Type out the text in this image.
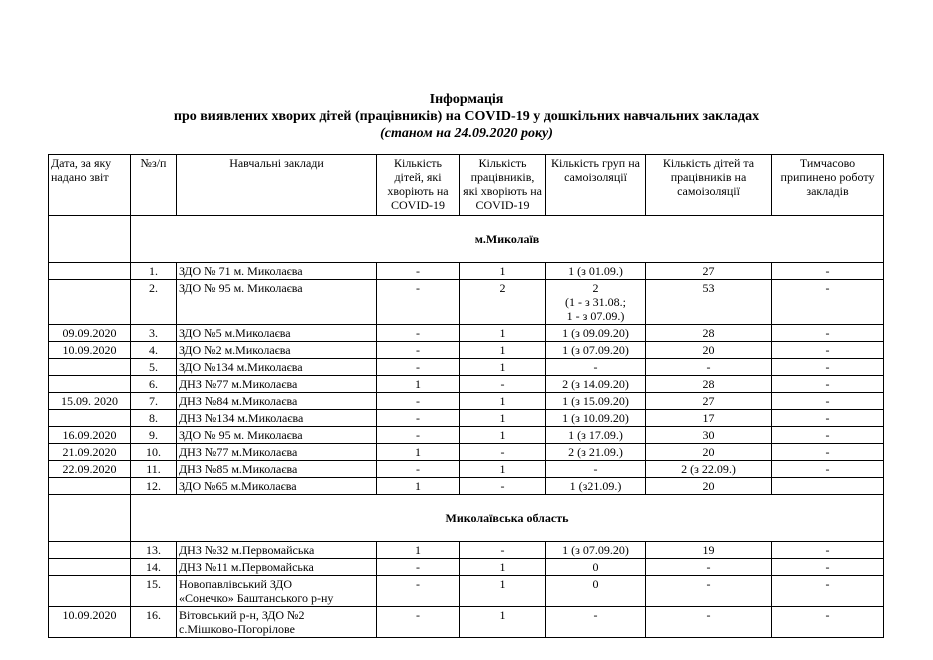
Інформація
про виявлених хворих дітей (працівників) на COVID-19 у дошкільних навчальних закладах
(станом на 24.09.2020 року)
Дата, за яку надано звіт	№з/п	Навчальні заклади	Кількість дітей, які хворіють на COVID-19	Кількість працівників, які хворіють на COVID-19	Кількість груп на самоізоляції	Кількість дітей та працівників на самоізоляції	Тимчасово припинено роботу закладів
	м.Миколаїв						
	1.	ЗДО № 71 м. Миколаєва	-	1	1 (з 01.09.)	27	-
	2.	ЗДО № 95 м. Миколаєва	-	2	2
(1 - з 31.08.;
1 - з 07.09.)	53	-
09.09.2020	3.	ЗДО №5 м.Миколаєва	-	1	1 (з 09.09.20)	28	-
10.09.2020	4.	ЗДО №2 м.Миколаєва	-	1	1 (з 07.09.20)	20	-
	5.	ЗДО №134 м.Миколаєва	-	1	-	-	-
	6.	ДНЗ №77 м.Миколаєва	1	-	2 (з 14.09.20)	28	-
15.09. 2020	7.	ДНЗ №84 м.Миколаєва	-	1	1 (з 15.09.20)	27	-
	8.	ДНЗ №134 м.Миколаєва	-	1	1 (з 10.09.20)	17	-
16.09.2020	9.	ЗДО № 95 м. Миколаєва	-	1	1 (з 17.09.)	30	-
21.09.2020	10.	ДНЗ №77 м.Миколаєва	1	-	2 (з 21.09.)	20	-
22.09.2020	11.	ДНЗ №85 м.Миколаєва	-	1	-	2 (з 22.09.)	-
	12.	ЗДО №65 м.Миколаєва	1	-	1 (з21.09.)	20	
	Миколаївська область						
	13.	ДНЗ №32 м.Первомайська	1	-	1 (з 07.09.20)	19	-
	14.	ДНЗ №11 м.Первомайська	-	1	0	-	-
	15.	Новопавлівський ЗДО
«Сонечко» Баштанського р-ну	-	1	0	-	-
10.09.2020	16.	Вітовський р-н, ЗДО №2
с.Мішково-Погорілове	-	1	-	-	-
